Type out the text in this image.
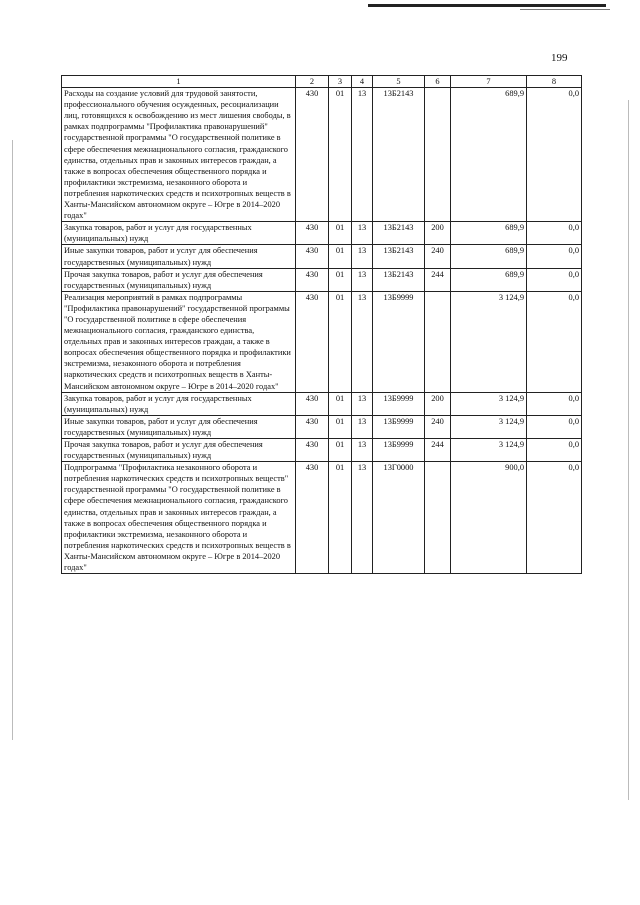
199
1	2	3	4	5	6	7	8
Расходы на создание условий для трудовой занятости, профессионального обучения осужденных, ресоциализации лиц, готовящихся к освобождению из мест лишения свободы, в рамках подпрограммы "Профилактика правонарушений" государственной программы "О государственной политике в сфере обеспечения межнационального согласия, гражданского единства, отдельных прав и законных интересов граждан, а также в вопросах обеспечения общественного порядка и профилактики экстремизма, незаконного оборота и потребления наркотических средств и психотропных веществ в Ханты-Мансийском автономном округе – Югре в 2014–2020 годах"	430	01	13	13Б2143		689,9	0,0
Закупка товаров, работ и услуг для государственных (муниципальных) нужд	430	01	13	13Б2143	200	689,9	0,0
Иные закупки товаров, работ и услуг для обеспечения государственных (муниципальных) нужд	430	01	13	13Б2143	240	689,9	0,0
Прочая закупка товаров, работ и услуг для обеспечения государственных (муниципальных) нужд	430	01	13	13Б2143	244	689,9	0,0
Реализация мероприятий в рамках подпрограммы "Профилактика правонарушений" государственной программы "О государственной политике в сфере обеспечения межнационального согласия, гражданского единства, отдельных прав и законных интересов граждан, а также в вопросах обеспечения общественного порядка и профилактики экстремизма, незаконного оборота и потребления наркотических средств и психотропных веществ в Ханты-Мансийском автономном округе – Югре в 2014–2020 годах"	430	01	13	13Б9999		3 124,9	0,0
Закупка товаров, работ и услуг для государственных (муниципальных) нужд	430	01	13	13Б9999	200	3 124,9	0,0
Иные закупки товаров, работ и услуг для обеспечения государственных (муниципальных) нужд	430	01	13	13Б9999	240	3 124,9	0,0
Прочая закупка товаров, работ и услуг для обеспечения государственных (муниципальных) нужд	430	01	13	13Б9999	244	3 124,9	0,0
Подпрограмма "Профилактика незаконного оборота и потребления наркотических средств и психотропных веществ" государственной программы "О государственной политике в сфере обеспечения межнационального согласия, гражданского единства, отдельных прав и законных интересов граждан, а также в вопросах обеспечения общественного порядка и профилактики экстремизма, незаконного оборота и потребления наркотических средств и психотропных веществ в Ханты-Мансийском автономном округе – Югре в 2014–2020 годах"	430	01	13	13Г0000		900,0	0,0
